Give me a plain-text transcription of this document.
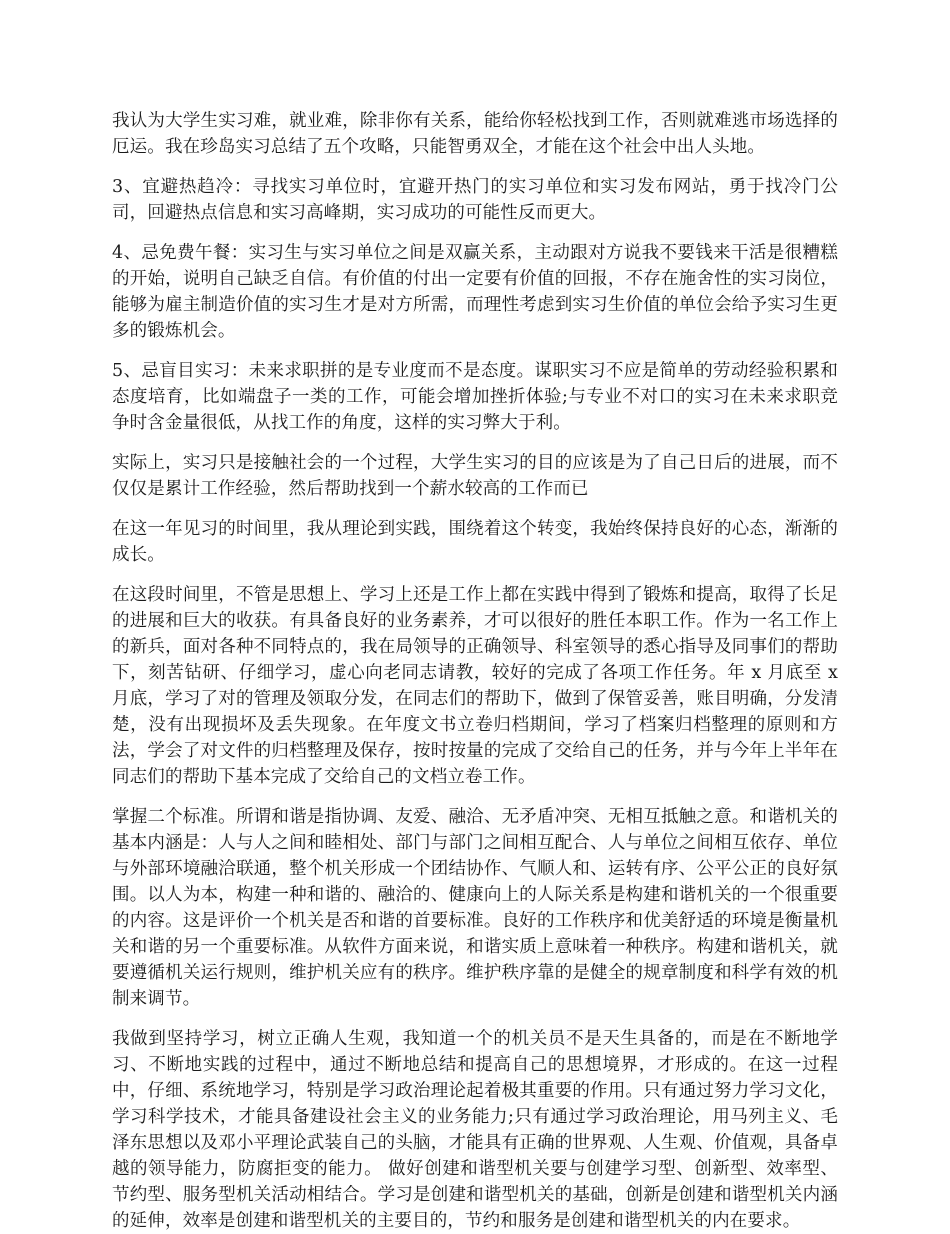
我认为大学生实习难，就业难，除非你有关系，能给你轻松找到工作，否则就难逃市场选择的厄运。我在珍岛实习总结了五个攻略，只能智勇双全，才能在这个社会中出人头地。

3、宜避热趋冷：寻找实习单位时，宜避开热门的实习单位和实习发布网站，勇于找冷门公司，回避热点信息和实习高峰期，实习成功的可能性反而更大。

4、忌免费午餐：实习生与实习单位之间是双赢关系，主动跟对方说我不要钱来干活是很糟糕的开始，说明自己缺乏自信。有价值的付出一定要有价值的回报，不存在施舍性的实习岗位，能够为雇主制造价值的实习生才是对方所需，而理性考虑到实习生价值的单位会给予实习生更多的锻炼机会。

5、忌盲目实习：未来求职拼的是专业度而不是态度。谋职实习不应是简单的劳动经验积累和态度培育，比如端盘子一类的工作，可能会增加挫折体验;与专业不对口的实习在未来求职竞争时含金量很低，从找工作的角度，这样的实习弊大于利。

实际上，实习只是接触社会的一个过程，大学生实习的目的应该是为了自己日后的进展，而不仅仅是累计工作经验，然后帮助找到一个薪水较高的工作而已

在这一年见习的时间里，我从理论到实践，围绕着这个转变，我始终保持良好的心态，渐渐的成长。

在这段时间里，不管是思想上、学习上还是工作上都在实践中得到了锻炼和提高，取得了长足的进展和巨大的收获。有具备良好的业务素养，才可以很好的胜任本职工作。作为一名工作上的新兵，面对各种不同特点的，我在局领导的正确领导、科室领导的悉心指导及同事们的帮助下，刻苦钻研、仔细学习，虚心向老同志请教，较好的完成了各项工作任务。年 x 月底至 x 月底，学习了对的管理及领取分发，在同志们的帮助下，做到了保管妥善，账目明确，分发清楚，没有出现损坏及丢失现象。在年度文书立卷归档期间，学习了档案归档整理的原则和方法，学会了对文件的归档整理及保存，按时按量的完成了交给自己的任务，并与今年上半年在同志们的帮助下基本完成了交给自己的文档立卷工作。

掌握二个标准。所谓和谐是指协调、友爱、融洽、无矛盾冲突、无相互抵触之意。和谐机关的基本内涵是：人与人之间和睦相处、部门与部门之间相互配合、人与单位之间相互依存、单位与外部环境融洽联通，整个机关形成一个团结协作、气顺人和、运转有序、公平公正的良好氛围。以人为本，构建一种和谐的、融洽的、健康向上的人际关系是构建和谐机关的一个很重要的内容。这是评价一个机关是否和谐的首要标准。良好的工作秩序和优美舒适的环境是衡量机关和谐的另一个重要标准。从软件方面来说，和谐实质上意味着一种秩序。构建和谐机关，就要遵循机关运行规则，维护机关应有的秩序。维护秩序靠的是健全的规章制度和科学有效的机制来调节。

我做到坚持学习，树立正确人生观，我知道一个的机关员不是天生具备的，而是在不断地学习、不断地实践的过程中，通过不断地总结和提高自己的思想境界，才形成的。在这一过程中，仔细、系统地学习，特别是学习政治理论起着极其重要的作用。只有通过努力学习文化，学习科学技术，才能具备建设社会主义的业务能力;只有通过学习政治理论，用马列主义、毛泽东思想以及邓小平理论武装自己的头脑，才能具有正确的世界观、人生观、价值观，具备卓越的领导能力，防腐拒变的能力。 做好创建和谐型机关要与创建学习型、创新型、效率型、节约型、服务型机关活动相结合。学习是创建和谐型机关的基础，创新是创建和谐型机关内涵的延伸，效率是创建和谐型机关的主要目的，节约和服务是创建和谐型机关的内在要求。
